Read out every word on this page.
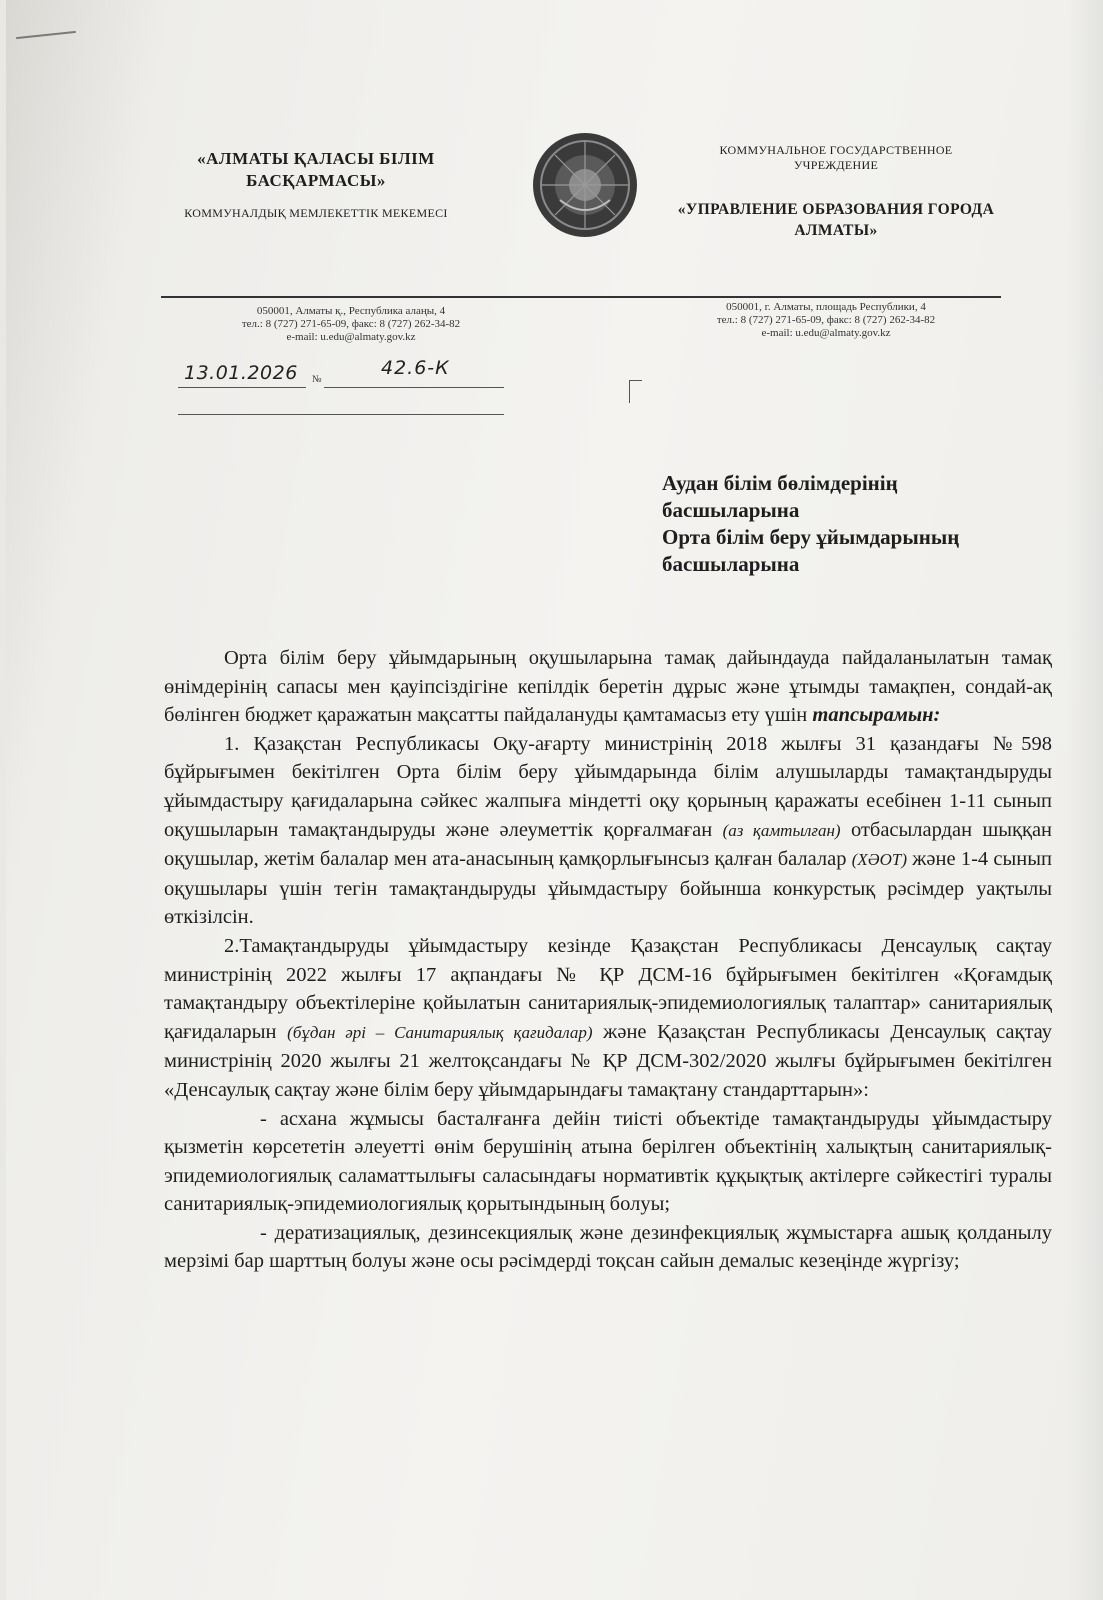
«АЛМАТЫ ҚАЛАСЫ БІЛІМ БАСҚАРМАСЫ»
КОММУНАЛДЫҚ МЕМЛЕКЕТТІК МЕКЕМЕСІ
КОММУНАЛЬНОЕ ГОСУДАРСТВЕННОЕ УЧРЕЖДЕНИЕ
«УПРАВЛЕНИЕ ОБРАЗОВАНИЯ ГОРОДА АЛМАТЫ»
050001, Алматы қ., Республика алаңы, 4
тел.: 8 (727) 271-65-09, факс: 8 (727) 262-34-82
e-mail: u.edu@almaty.gov.kz
050001, г. Алматы, площадь Республики, 4
тел.: 8 (727) 271-65-09, факс: 8 (727) 262-34-82
e-mail: u.edu@almaty.gov.kz
13.01.2026 №
42.6-К
Аудан білім бөлімдерінің
басшыларына
Орта білім беру ұйымдарының
басшыларына

Орта білім беру ұйымдарының оқушыларына тамақ дайындауда пайдаланылатын тамақ өнімдерінің сапасы мен қауіпсіздігіне кепілдік беретін дұрыс және ұтымды тамақпен, сондай-ақ бөлінген бюджет қаражатын мақсатты пайдалануды қамтамасыз ету үшін тапсырамын:

1. Қазақстан Республикасы Оқу-ағарту министрінің 2018 жылғы 31 қазандағы №598 бұйрығымен бекітілген Орта білім беру ұйымдарында білім алушыларды тамақтандыруды ұйымдастыру қағидаларына сәйкес жалпыға міндетті оқу қорының қаражаты есебінен 1-11 сынып оқушыларын тамақтандыруды және әлеуметтік қорғалмаған (аз қамтылған) отбасылардан шыққан оқушылар, жетім балалар мен ата-анасының қамқорлығынсыз қалған балалар (ХӘОТ) және 1-4 сынып оқушылары үшін тегін тамақтандыруды ұйымдастыру бойынша конкурстық рәсімдер уақтылы өткізілсін.

2.Тамақтандыруды ұйымдастыру кезінде Қазақстан Республикасы Денсаулық сақтау министрінің 2022 жылғы 17 ақпандағы № ҚР ДСМ-16 бұйрығымен бекітілген «Қоғамдық тамақтандыру объектілеріне қойылатын санитариялық-эпидемиологиялық талаптар» санитариялық қағидаларын (бұдан әрі – Санитариялық қағидалар) және Қазақстан Республикасы Денсаулық сақтау министрінің 2020 жылғы 21 желтоқсандағы № ҚР ДСМ-302/2020 жылғы бұйрығымен бекітілген «Денсаулық сақтау және білім беру ұйымдарындағы тамақтану стандарттарын»:

- асхана жұмысы басталғанға дейін тиісті объектіде тамақтандыруды ұйымдастыру қызметін көрсететін әлеуетті өнім берушінің атына берілген объектінің халықтың санитариялық-эпидемиологиялық саламаттылығы саласындағы нормативтік құқықтық актілерге сәйкестігі туралы санитариялық-эпидемиологиялық қорытындының болуы;

- дератизациялық, дезинсекциялық және дезинфекциялық жұмыстарға ашық қолданылу мерзімі бар шарттың болуы және осы рәсімдерді тоқсан сайын демалыс кезеңінде жүргізу;
